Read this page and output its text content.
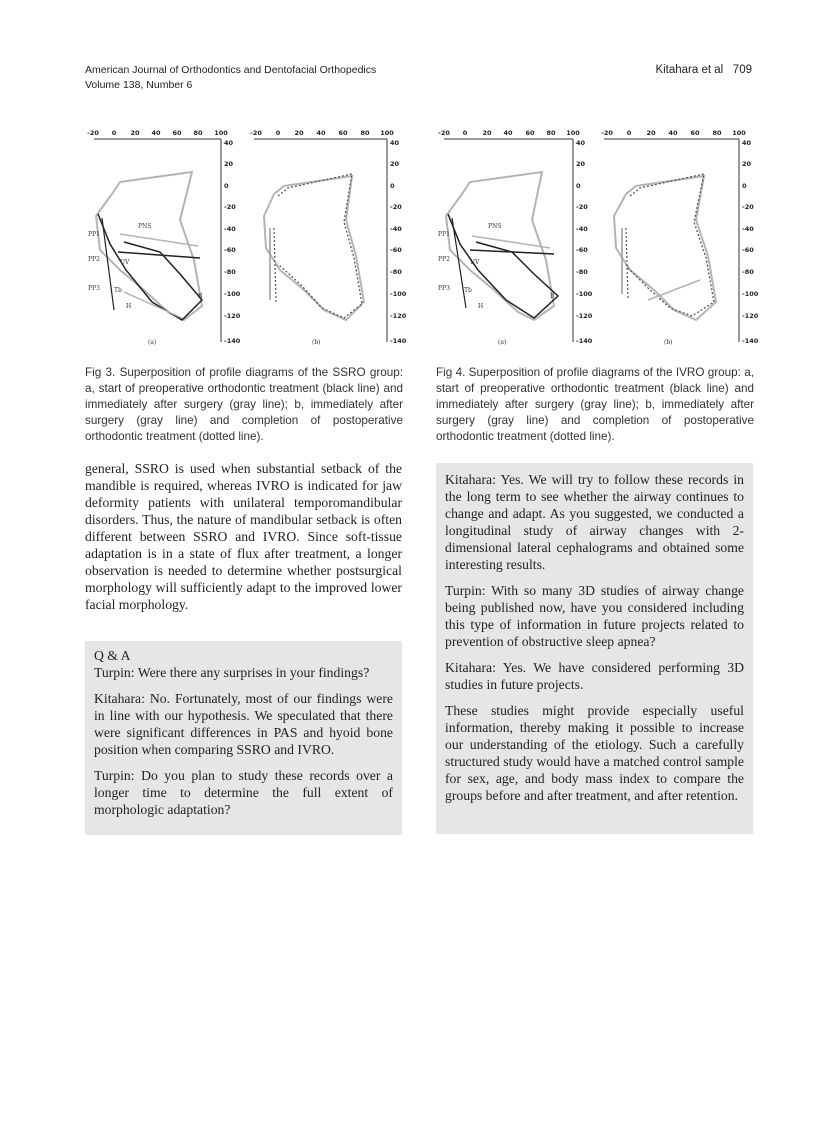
American Journal of Orthodontics and Dentofacial Orthopedics
Volume 138, Number 6
Kitahara et al   709
-20 0 20 40 60 80 100
40
20
0
-20
-40
-60
-80
-100
-120
-140
PNS
PP1
PP2
PP3
UV
Tb
H
B
(a)
-20 0 20 40 60 80 100
40
20
0
-20
-40
-60
-80
-100
-120
-140
(b)
-20 0 20 40 60 80 100
40
20
0
-20
-40
-60
-80
-100
-120
-140
PNS
PP1
PP2
PP3
UV
Tb
H
B
(a)
-20 0 20 40 60 80 100
40
20
0
-20
-40
-60
-80
-100
-120
-140
(b)
Fig 3. Superposition of profile diagrams of the SSRO group: a, start of preoperative orthodontic treatment (black line) and immediately after surgery (gray line); b, immediately after surgery (gray line) and completion of postoperative orthodontic treatment (dotted line).
Fig 4. Superposition of profile diagrams of the IVRO group: a, start of preoperative orthodontic treatment (black line) and immediately after surgery (gray line); b, immediately after surgery (gray line) and completion of postoperative orthodontic treatment (dotted line).
general, SSRO is used when substantial setback of the mandible is required, whereas IVRO is indicated for jaw deformity patients with unilateral temporomandibular disorders. Thus, the nature of mandibular setback is often different between SSRO and IVRO. Since soft-tissue adaptation is in a state of flux after treatment, a longer observation is needed to determine whether postsurgical morphology will sufficiently adapt to the improved lower facial morphology.

Q & A

Turpin: Were there any surprises in your findings?

Kitahara: No. Fortunately, most of our findings were in line with our hypothesis. We speculated that there were significant differences in PAS and hyoid bone position when comparing SSRO and IVRO.

Turpin: Do you plan to study these records over a longer time to determine the full extent of morphologic adaptation?

Kitahara: Yes. We will try to follow these records in the long term to see whether the airway continues to change and adapt. As you suggested, we conducted a longitudinal study of airway changes with 2-dimensional lateral cephalograms and obtained some interesting results.

Turpin: With so many 3D studies of airway change being published now, have you considered including this type of information in future projects related to prevention of obstructive sleep apnea?

Kitahara: Yes. We have considered performing 3D studies in future projects.

These studies might provide especially useful information, thereby making it possible to increase our understanding of the etiology. Such a carefully structured study would have a matched control sample for sex, age, and body mass index to compare the groups before and after treatment, and after retention.
